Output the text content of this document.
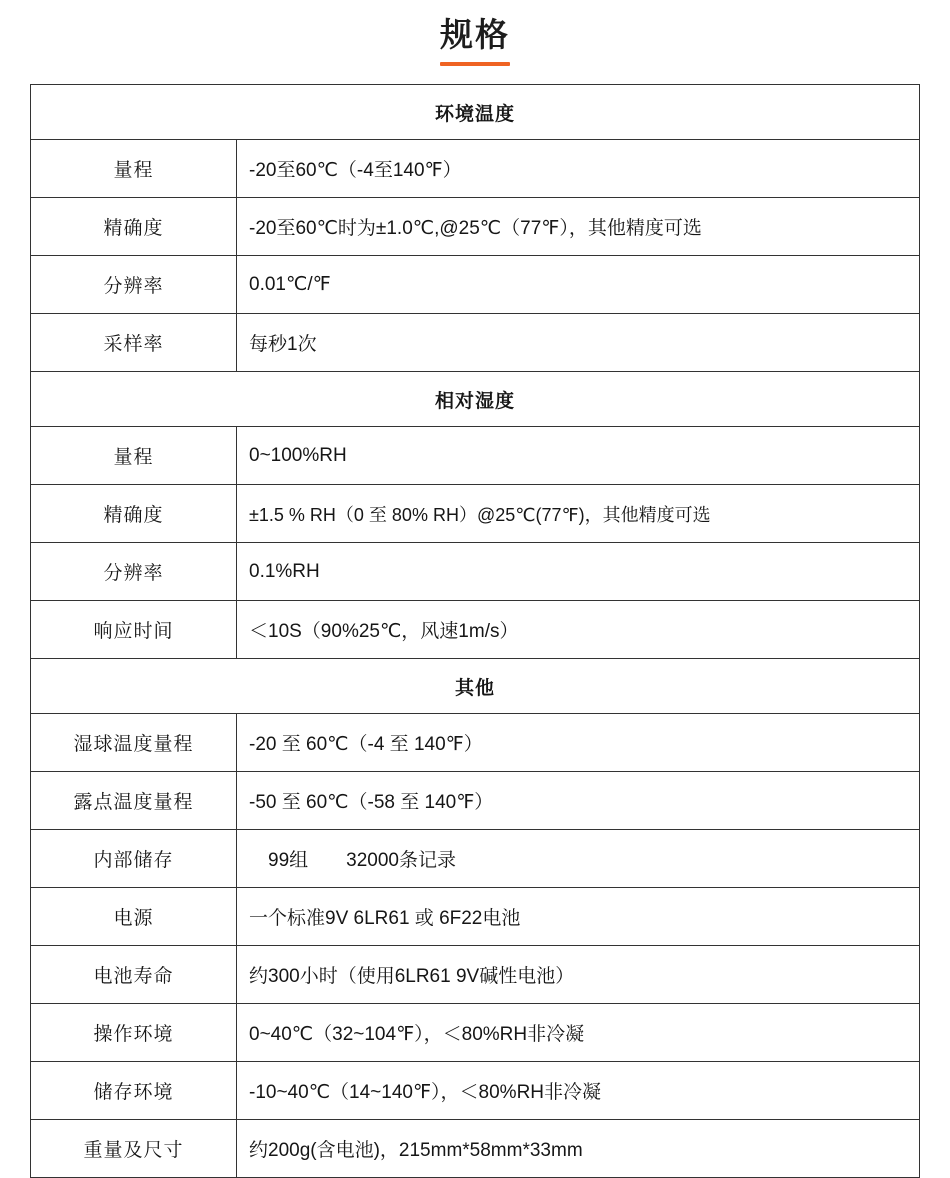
规格
环境温度	
量程	-20至60℃（-4至140℉）
精确度	-20至60℃时为±1.0℃,@25℃（77℉），其他精度可选
分辨率	0.01℃/℉
采样率	每秒1次
相对湿度	
量程	0~100%RH
精确度	±1.5 % RH（0 至 80% RH）@25℃(77℉)，其他精度可选
分辨率	0.1%RH
响应时间	＜10S（90%25℃，风速1m/s）
其他	
湿球温度量程	-20 至 60℃（-4 至 140℉）
露点温度量程	-50 至 60℃（-58 至 140℉）
内部储存	　99组　　32000条记录
电源	一个标准9V 6LR61 或 6F22电池
电池寿命	约300小时（使用6LR61 9V碱性电池）
操作环境	0~40℃（32~104℉），＜80%RH非冷凝
储存环境	-10~40℃（14~140℉），＜80%RH非冷凝
重量及尺寸	约200g(含电池)，215mm*58mm*33mm
